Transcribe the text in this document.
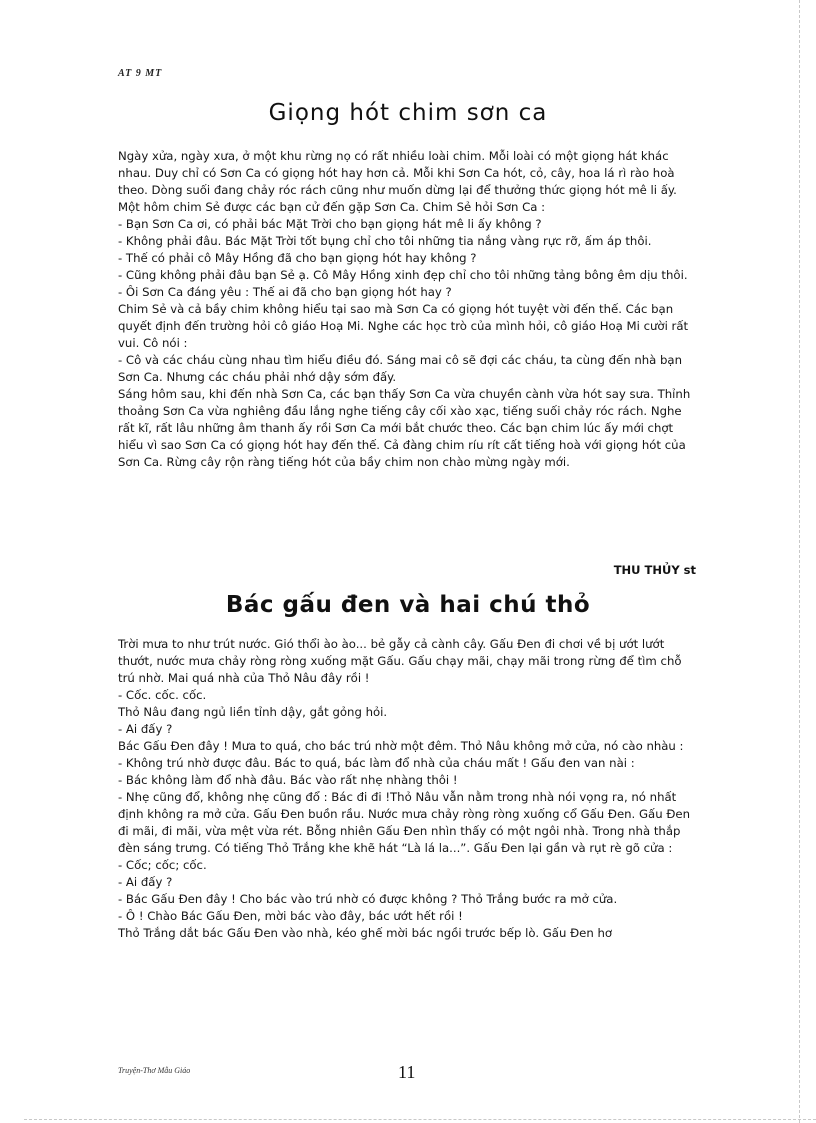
AT 9 MT
Giọng hót chim sơn ca

Ngày xửa, ngày xưa, ở một khu rừng nọ có rất nhiều loài chim. Mỗi loài có một giọng hát khác nhau. Duy chỉ có Sơn Ca có giọng hót hay hơn cả. Mỗi khi Sơn Ca hót, cỏ, cây, hoa lá rì rào hoà theo. Dòng suối đang chảy róc rách cũng như muốn dừng lại để thưởng thức giọng hót mê li ấy.

Một hôm chim Sẻ được các bạn cử đến gặp Sơn Ca. Chim Sẻ hỏi Sơn Ca :

- Bạn Sơn Ca ơi, có phải bác Mặt Trời cho bạn giọng hát mê li ấy không ?

- Không phải đâu. Bác Mặt Trời tốt bụng chỉ cho tôi những tia nắng vàng rực rỡ, ấm áp thôi.

- Thế có phải cô Mây Hồng đã cho bạn giọng hót hay không ?

- Cũng không phải đâu bạn Sẻ ạ. Cô Mây Hồng xinh đẹp chỉ cho tôi những tảng bông êm dịu thôi.

- Ôi Sơn Ca đáng yêu : Thế ai đã cho bạn giọng hót hay ?

Chim Sẻ và cả bầy chim không hiểu tại sao mà Sơn Ca có giọng hót tuyệt vời đến thế. Các bạn quyết định đến trường hỏi cô giáo Hoạ Mi. Nghe các học trò của mình hỏi, cô giáo Hoạ Mi cười rất vui. Cô nói :

- Cô và các cháu cùng nhau tìm hiểu điều đó. Sáng mai cô sẽ đợi các cháu, ta cùng đến nhà bạn Sơn Ca. Nhưng các cháu phải nhớ dậy sớm đấy.

Sáng hôm sau, khi đến nhà Sơn Ca, các bạn thấy Sơn Ca vừa chuyền cành vừa hót say sưa. Thỉnh thoảng Sơn Ca vừa nghiêng đầu lắng nghe tiếng cây cối xào xạc, tiếng suối chảy róc rách. Nghe rất kĩ, rất lâu những âm thanh ấy rồi Sơn Ca mới bắt chước theo. Các bạn chim lúc ấy mới chợt hiểu vì sao Sơn Ca có giọng hót hay đến thế. Cả đàng chim ríu rít cất tiếng hoà với giọng hót của Sơn Ca. Rừng cây rộn ràng tiếng hót của bầy chim non chào mừng ngày mới.

THU THỦY st
Bác gấu đen và hai chú thỏ

Trời mưa to như trút nước. Gió thổi ào ào... bẻ gẫy cả cành cây. Gấu Đen đi chơi về bị ướt lướt thướt, nước mưa chảy ròng ròng xuống mặt Gấu. Gấu chạy mãi, chạy mãi trong rừng để tìm chỗ trú nhờ. Mai quá nhà của Thỏ Nâu đây rồi !

- Cốc. cốc. cốc.

Thỏ Nâu đang ngủ liền tỉnh dậy, gắt gỏng hỏi.

- Ai đấy ?

Bác Gấu Đen đây ! Mưa to quá, cho bác trú nhờ một đêm. Thỏ Nâu không mở cửa, nó cào nhàu :

- Không trú nhờ được đâu. Bác to quá, bác làm đổ nhà của cháu mất ! Gấu đen van nài :

- Bác không làm đổ nhà đâu. Bác vào rất nhẹ nhàng thôi !

- Nhẹ cũng đổ, không nhẹ cũng đổ : Bác đi đi !Thỏ Nâu vẫn nằm trong nhà nói vọng ra, nó nhất định không ra mở cửa. Gấu Đen buồn rầu. Nước mưa chảy ròng ròng xuống cổ Gấu Đen. Gấu Đen đi mãi, đi mãi, vừa mệt vừa rét. Bỗng nhiên Gấu Đen nhìn thấy có một ngôi nhà. Trong nhà thắp đèn sáng trưng. Có tiếng Thỏ Trắng khe khẽ hát “Là lá la...”. Gấu Đen lại gần và rụt rè gõ cửa :

- Cốc; cốc; cốc.

- Ai đấy ?

- Bác Gấu Đen đây ! Cho bác vào trú nhờ có được không ? Thỏ Trắng bước ra mở cửa.

- Ô ! Chào Bác Gấu Đen, mời bác vào đây, bác ướt hết rồi !

Thỏ Trắng dắt bác Gấu Đen vào nhà, kéo ghế mời bác ngồi trước bếp lò. Gấu Đen hơ

Truyện-Thơ Mẫu Giáo	11
